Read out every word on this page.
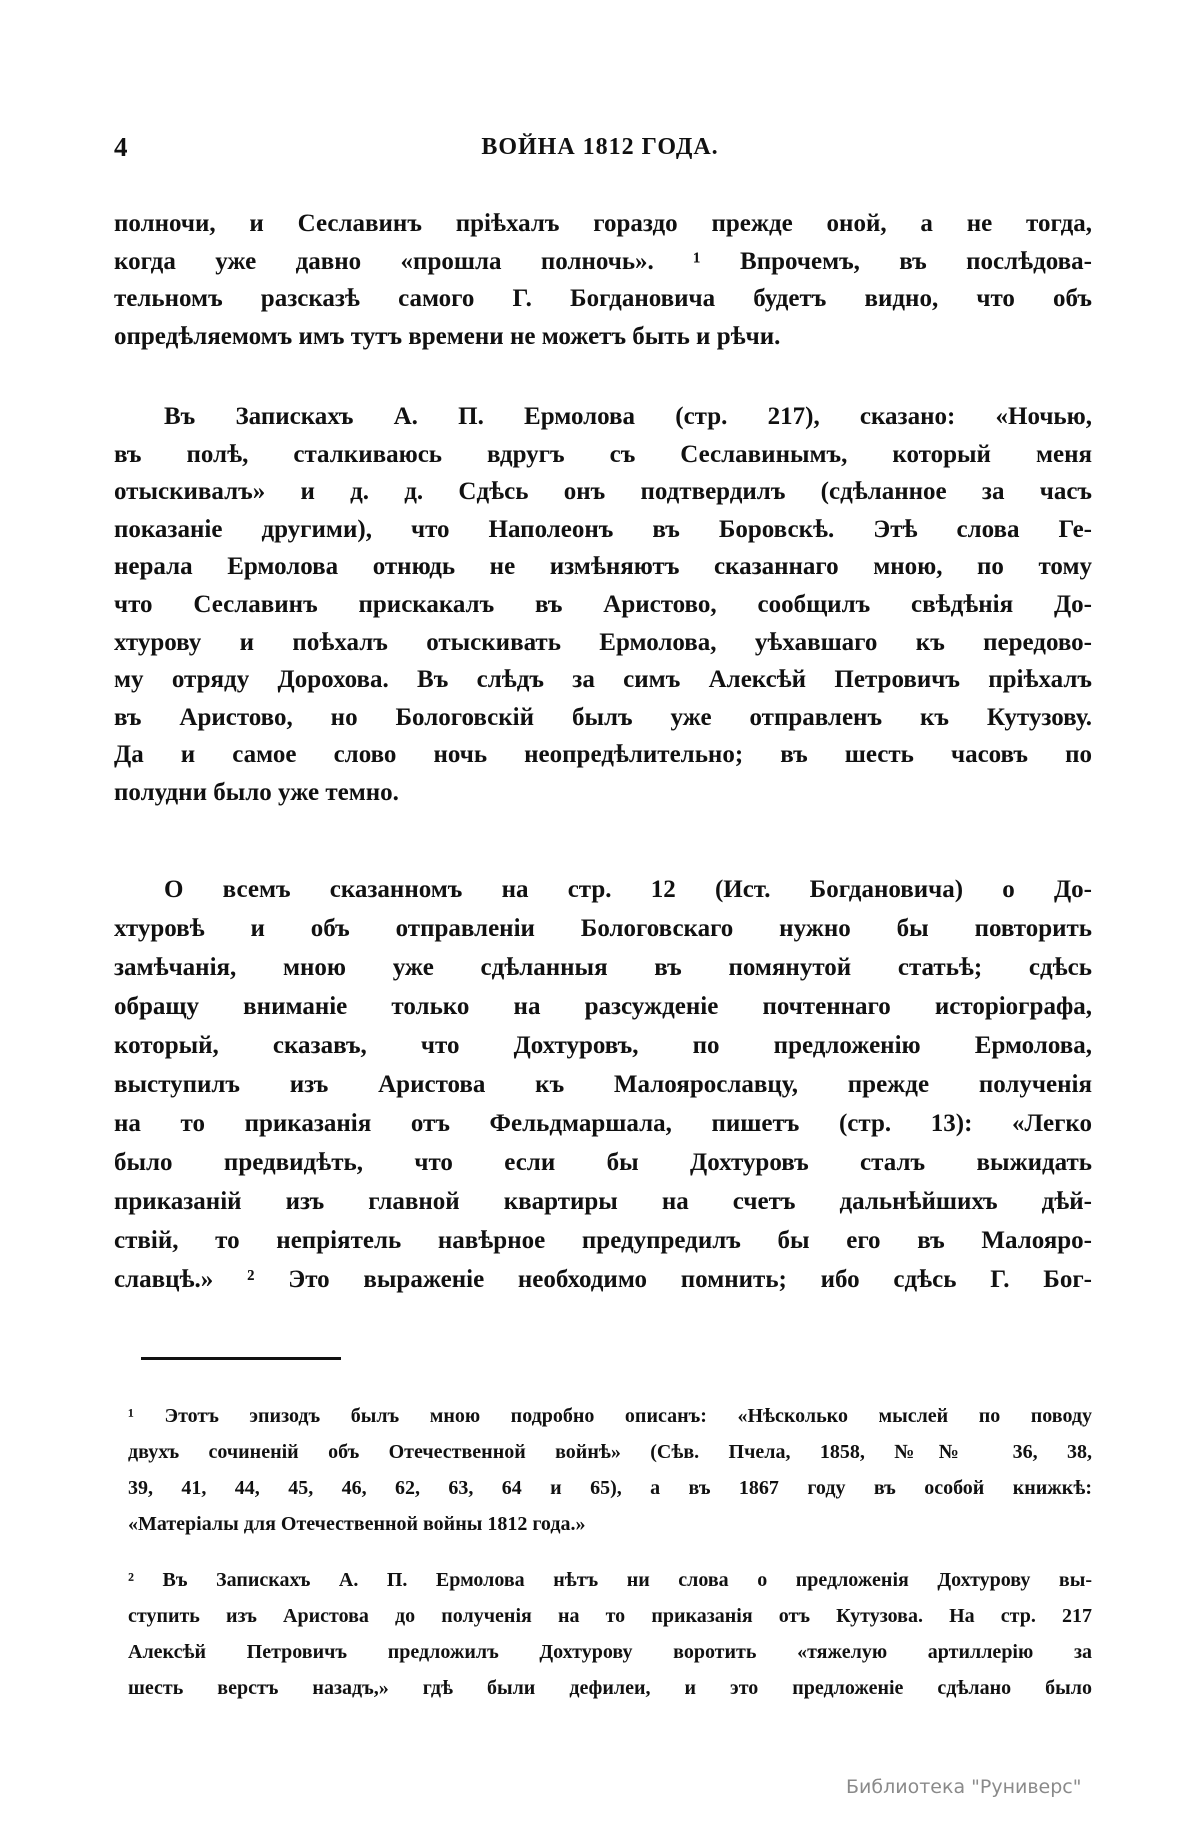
4	ВОЙНА 1812 ГОДА.
полночи, и Сеславинъ пріѣхалъ гораздо прежде оной, а не тогда,
когда уже давно «прошла полночь». ¹ Впрочемъ, въ послѣдова-
тельномъ разсказѣ самого Г. Богдановича будетъ видно, что объ
опредѣляемомъ имъ тутъ времени не можетъ быть и рѣчи.
Въ Запискахъ А. П. Ермолова (стр. 217), сказано: «Ночью,
въ полѣ, сталкиваюсь вдругъ съ Сеславинымъ, который меня
отыскивалъ» и д. д. Сдѣсь онъ подтвердилъ (сдѣланное за часъ
показаніе другими), что Наполеонъ въ Боровскѣ. Этѣ слова Ге-
нерала Ермолова отнюдь не измѣняютъ сказаннаго мною, по тому
что Сеславинъ прискакалъ въ Аристово, сообщилъ свѣдѣнія До-
хтурову и поѣхалъ отыскивать Ермолова, уѣхавшаго къ передово-
му отряду Дорохова. Въ слѣдъ за симъ Алексѣй Петровичъ пріѣхалъ
въ Аристово, но Бологовскій былъ уже отправленъ къ Кутузову.
Да и самое слово ночь неопредѣлительно; въ шесть часовъ по
полудни было уже темно.
О всемъ сказанномъ на стр. 12 (Ист. Богдановича) о До-
хтуровѣ и объ отправленіи Бологовскаго нужно бы повторить
замѣчанія, мною уже сдѣланныя въ помянутой статьѣ; сдѣсь
обращу вниманіе только на разсужденіе почтеннаго исторіографа,
который, сказавъ, что Дохтуровъ, по предложенію Ермолова,
выступилъ изъ Аристова къ Малоярославцу, прежде полученія
на то приказанія отъ Фельдмаршала, пишетъ (стр. 13): «Легко
было предвидѣть, что если бы Дохтуровъ сталъ выжидать
приказаній изъ главной квартиры на счетъ дальнѣйшихъ дѣй-
ствій, то непріятель навѣрное предупредилъ бы его въ Малояро-
славцѣ.» ² Это выраженіе необходимо помнить; ибо сдѣсь Г. Бог-
¹ Этотъ эпизодъ былъ мною подробно описанъ: «Нѣсколько мыслей по поводу
двухъ сочиненій объ Отечественной войнѣ» (Сѣв. Пчела, 1858, №№ 36, 38,
39, 41, 44, 45, 46, 62, 63, 64 и 65), а въ 1867 году въ особой книжкѣ:
«Матеріалы для Отечественной войны 1812 года.»
² Въ Запискахъ А. П. Ермолова нѣтъ ни слова о предложенія Дохтурову вы-
ступить изъ Аристова до полученія на то приказанія отъ Кутузова. На стр. 217
Алексѣй Петровичъ предложилъ Дохтурову воротить «тяжелую артиллерію за
шесть верстъ назадъ,» гдѣ были дефилеи, и это предложеніе сдѣлано было
Библиотека "Руниверс"
